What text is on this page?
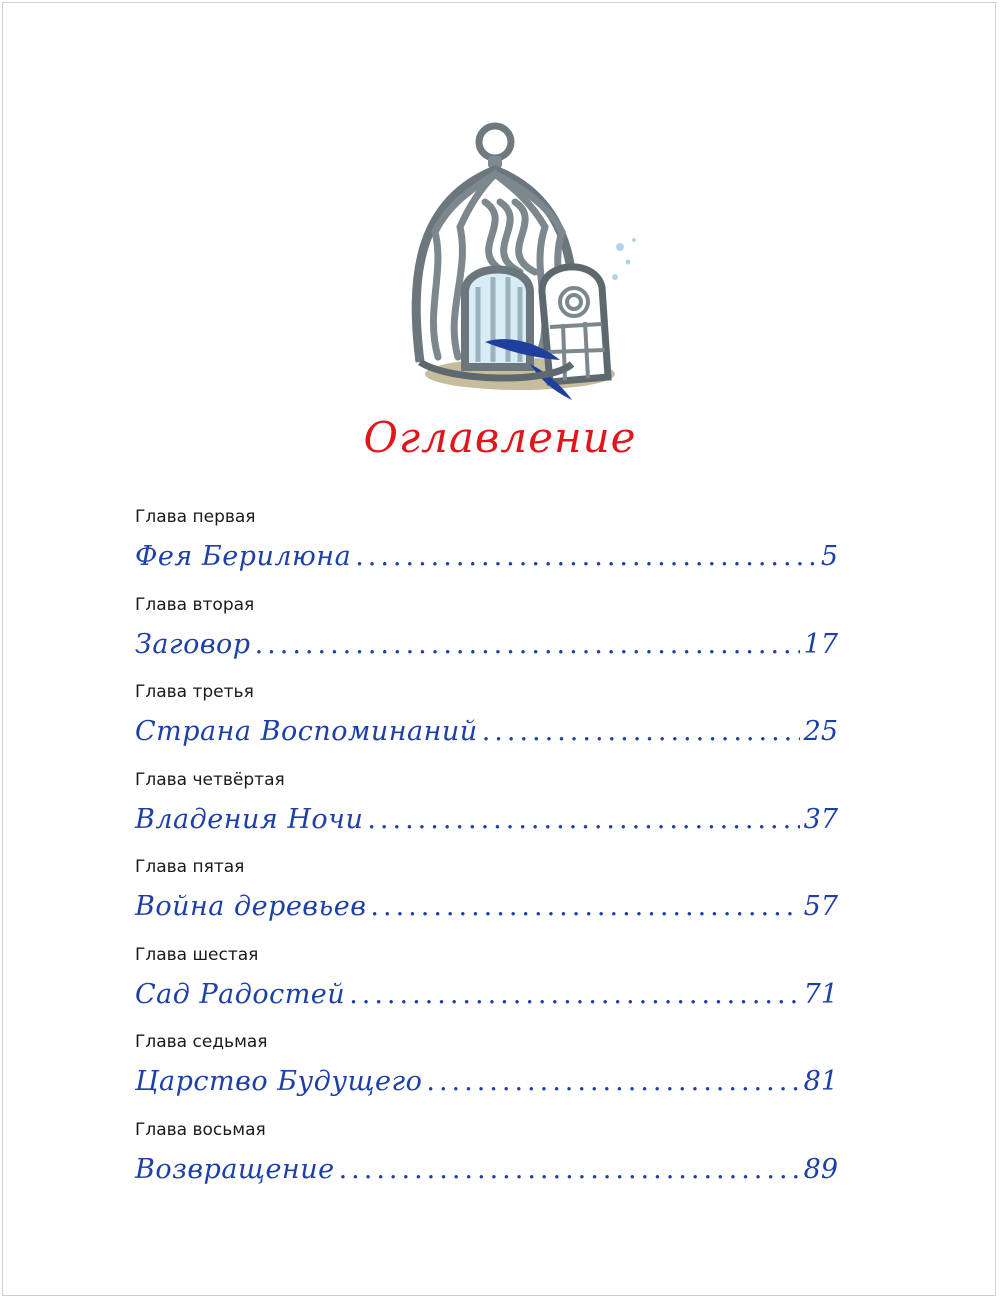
Оглавление
Глава первая
Фея Берилюна .....	5
Глава вторая
Заговор .....	17
Глава третья
Страна Воспоминаний .....	25
Глава четвёртая
Владения Ночи .....	37
Глава пятая
Война деревьев .....	57
Глава шестая
Сад Радостей .....	71
Глава седьмая
Царство Будущего .....	81
Глава восьмая
Возвращение .....	89
